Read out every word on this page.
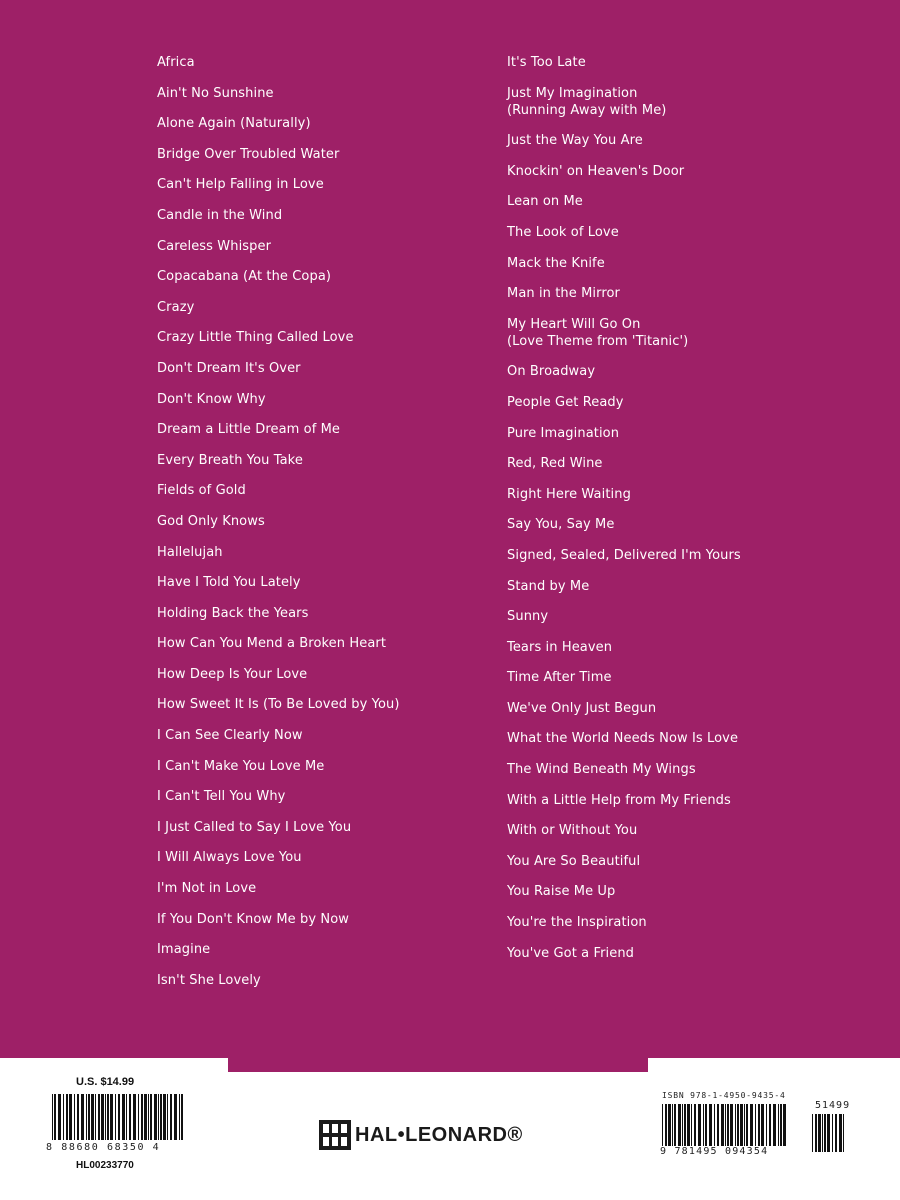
Africa
Ain't No Sunshine
Alone Again (Naturally)
Bridge Over Troubled Water
Can't Help Falling in Love
Candle in the Wind
Careless Whisper
Copacabana (At the Copa)
Crazy
Crazy Little Thing Called Love
Don't Dream It's Over
Don't Know Why
Dream a Little Dream of Me
Every Breath You Take
Fields of Gold
God Only Knows
Hallelujah
Have I Told You Lately
Holding Back the Years
How Can You Mend a Broken Heart
How Deep Is Your Love
How Sweet It Is (To Be Loved by You)
I Can See Clearly Now
I Can't Make You Love Me
I Can't Tell You Why
I Just Called to Say I Love You
I Will Always Love You
I'm Not in Love
If You Don't Know Me by Now
Imagine
Isn't She Lovely
It's Too Late
Just My Imagination
(Running Away with Me)
Just the Way You Are
Knockin' on Heaven's Door
Lean on Me
The Look of Love
Mack the Knife
Man in the Mirror
My Heart Will Go On
(Love Theme from 'Titanic')
On Broadway
People Get Ready
Pure Imagination
Red, Red Wine
Right Here Waiting
Say You, Say Me
Signed, Sealed, Delivered I'm Yours
Stand by Me
Sunny
Tears in Heaven
Time After Time
We've Only Just Begun
What the World Needs Now Is Love
The Wind Beneath My Wings
With a Little Help from My Friends
With or Without You
You Are So Beautiful
You Raise Me Up
You're the Inspiration
You've Got a Friend
U.S. $14.99
8 88680 68350 4
HL00233770
HAL•LEONARD®
ISBN 978-1-4950-9435-4
9 781495 094354
51499
